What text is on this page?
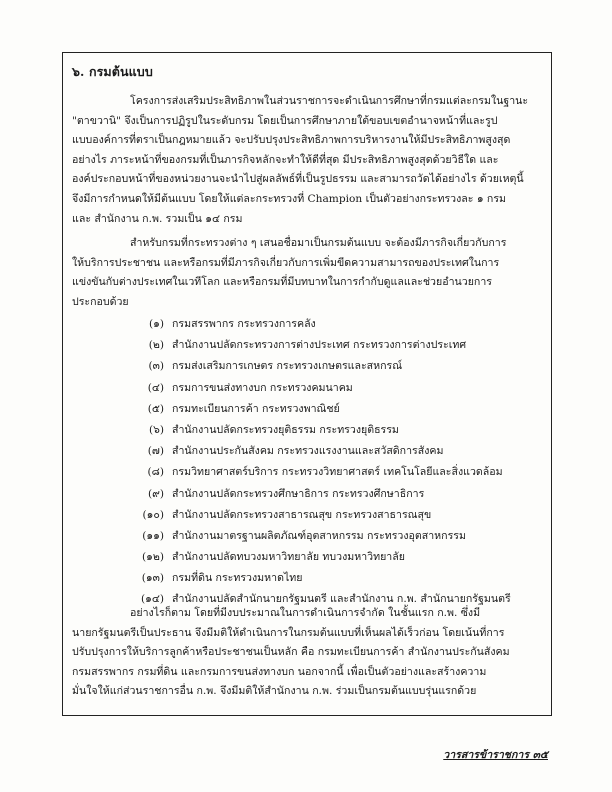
๖. กรมต้นแบบ

โครงการส่งเสริมประสิทธิภาพในส่วนราชการจะดำเนินการศึกษาที่กรมแต่ละกรมในฐานะ
"ตาขวานิ" จึงเป็นการปฏิรูปในระดับกรม โดยเป็นการศึกษาภายใต้ขอบเขตอำนาจหน้าที่และรูป
แบบองค์การที่ตราเป็นกฎหมายแล้ว จะปรับปรุงประสิทธิภาพการบริหารงานให้มีประสิทธิภาพสูงสุด
อย่างไร ภาระหน้าที่ของกรมที่เป็นภารกิจหลักจะทำให้ดีที่สุด มีประสิทธิภาพสูงสุดด้วยวิธีใด และ
องค์ประกอบหน้าที่ของหน่วยงานจะนำไปสู่ผลลัพธ์ที่เป็นรูปธรรม และสามารถวัดได้อย่างไร ด้วยเหตุนี้
จึงมีการกำหนดให้มีต้นแบบ โดยให้แต่ละกระทรวงที่ Champion เป็นตัวอย่างกระทรวงละ ๑ กรม
และ สำนักงาน ก.พ. รวมเป็น ๑๔ กรม

สำหรับกรมที่กระทรวงต่าง ๆ เสนอชื่อมาเป็นกรมต้นแบบ จะต้องมีภารกิจเกี่ยวกับการ
ให้บริการประชาชน และหรือกรมที่มีภารกิจเกี่ยวกับการเพิ่มขีดความสามารถของประเทศในการ
แข่งขันกับต่างประเทศในเวทีโลก และหรือกรมที่มีบทบาทในการกำกับดูแลและช่วยอำนวยการ
ประกอบด้วย

(๑) กรมสรรพากร กระทรวงการคลัง
(๒) สำนักงานปลัดกระทรวงการต่างประเทศ กระทรวงการต่างประเทศ
(๓) กรมส่งเสริมการเกษตร กระทรวงเกษตรและสหกรณ์
(๔) กรมการขนส่งทางบก กระทรวงคมนาคม
(๕) กรมทะเบียนการค้า กระทรวงพาณิชย์
(๖) สำนักงานปลัดกระทรวงยุติธรรม กระทรวงยุติธรรม
(๗) สำนักงานประกันสังคม กระทรวงแรงงานและสวัสดิการสังคม
(๘) กรมวิทยาศาสตร์บริการ กระทรวงวิทยาศาสตร์ เทคโนโลยีและสิ่งแวดล้อม
(๙) สำนักงานปลัดกระทรวงศึกษาธิการ กระทรวงศึกษาธิการ
(๑๐) สำนักงานปลัดกระทรวงสาธารณสุข กระทรวงสาธารณสุข
(๑๑) สำนักงานมาตรฐานผลิตภัณฑ์อุตสาหกรรม กระทรวงอุตสาหกรรม
(๑๒) สำนักงานปลัดทบวงมหาวิทยาลัย ทบวงมหาวิทยาลัย
(๑๓) กรมที่ดิน กระทรวงมหาดไทย
(๑๔) สำนักงานปลัดสำนักนายกรัฐมนตรี และสำนักงาน ก.พ. สำนักนายกรัฐมนตรี

อย่างไรก็ตาม โดยที่มีงบประมาณในการดำเนินการจำกัด ในชั้นแรก ก.พ. ซึ่งมี
นายกรัฐมนตรีเป็นประธาน จึงมีมติให้ดำเนินการในกรมต้นแบบที่เห็นผลได้เร็วก่อน โดยเน้นที่การ
ปรับปรุงการให้บริการลูกค้าหรือประชาชนเป็นหลัก คือ กรมทะเบียนการค้า สำนักงานประกันสังคม
กรมสรรพากร กรมที่ดิน และกรมการขนส่งทางบก นอกจากนี้ เพื่อเป็นตัวอย่างและสร้างความ
มั่นใจให้แก่ส่วนราชการอื่น ก.พ. จึงมีมติให้สำนักงาน ก.พ. ร่วมเป็นกรมต้นแบบรุ่นแรกด้วย

วารสารข้าราชการ ๓๕
